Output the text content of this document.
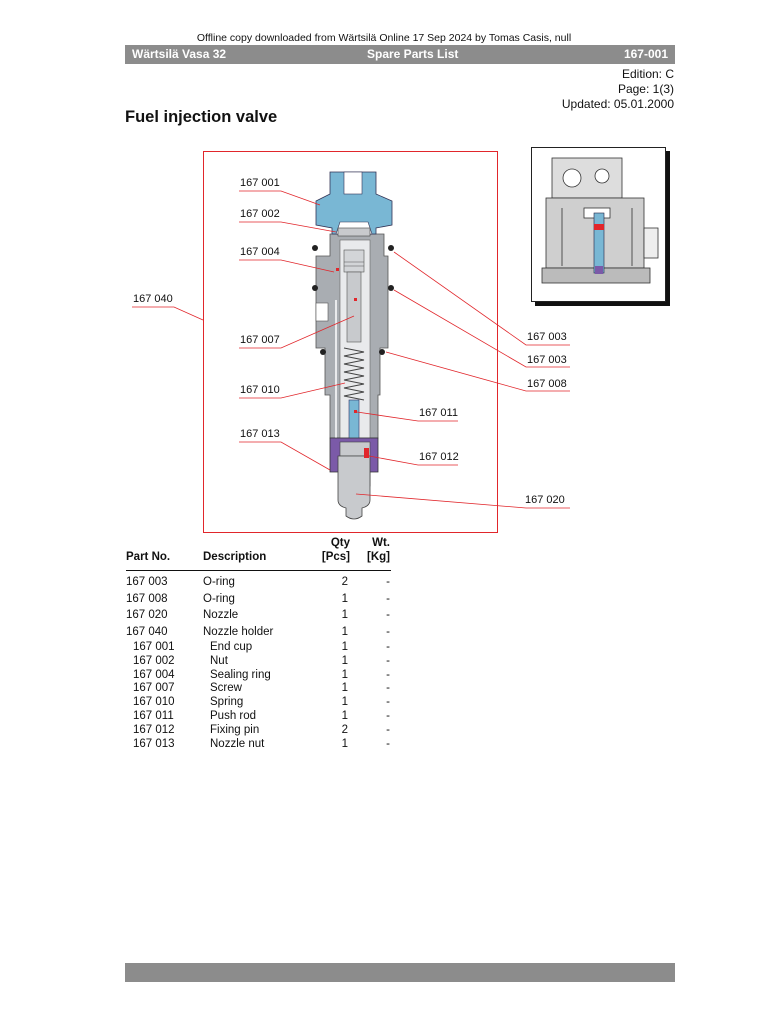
Offline copy downloaded from Wärtsilä Online 17 Sep 2024 by Tomas Casis, null
Wärtsilä Vasa 32	Spare Parts List	167-001
Edition: C
Page: 1(3)
Updated: 05.01.2000
Fuel injection valve
167 001
167 002
167 004
167 040
167 007
167 010
167 013
167 003
167 003
167 008
167 011
167 012
167 020
Part No.	Description
Qty
[Pcs]
Wt.
[Kg]
167 003	O-ring	2	-
167 008	O-ring	1	-
167 020	Nozzle	1	-
167 040	Nozzle holder	1	-
167 001	End cup	1	-
167 002	Nut	1	-
167 004	Sealing ring	1	-
167 007	Screw	1	-
167 010	Spring	1	-
167 011	Push rod	1	-
167 012	Fixing pin	2	-
167 013	Nozzle nut	1	-
